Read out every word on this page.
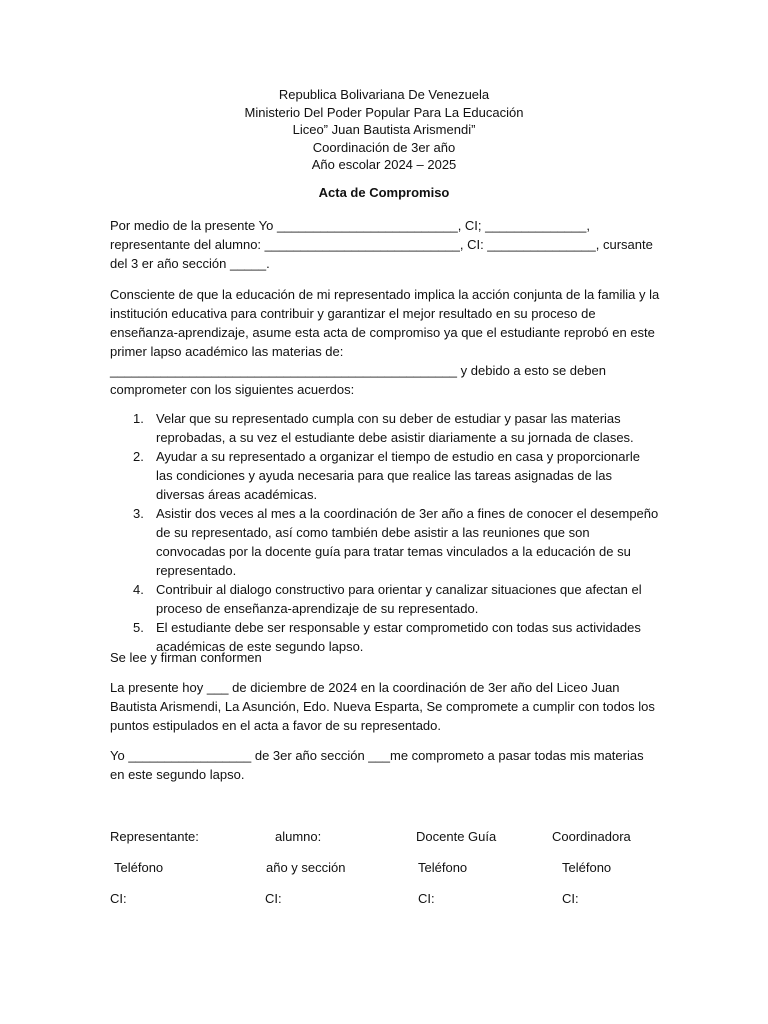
Republica Bolivariana De Venezuela
Ministerio Del Poder Popular Para La Educación
Liceo” Juan Bautista Arismendi”
Coordinación de 3er año
Año escolar 2024 – 2025
Acta de Compromiso
Por medio de la presente Yo _________________________, CI; ______________, representante del alumno: ___________________________, CI: _______________, cursante del 3 er año sección _____.
Consciente de que la educación de mi representado implica la acción conjunta de la familia y la institución educativa para contribuir y garantizar el mejor resultado en su proceso de enseñanza-aprendizaje, asume esta acta de compromiso ya que el estudiante reprobó en este primer lapso académico las materias de: ________________________________________________ y debido a esto se deben comprometer con los siguientes acuerdos:
1. Velar que su representado cumpla con su deber de estudiar y pasar las materias reprobadas, a su vez el estudiante debe asistir diariamente a su jornada de clases.
2. Ayudar a su representado a organizar el tiempo de estudio en casa y proporcionarle las condiciones y ayuda necesaria para que realice las tareas asignadas de las diversas áreas académicas.
3. Asistir dos veces al mes a la coordinación de 3er año a fines de conocer el desempeño de su representado, así como también debe asistir a las reuniones que son convocadas por la docente guía para tratar temas vinculados a la educación de su representado.
4. Contribuir al dialogo constructivo para orientar y canalizar situaciones que afectan el proceso de enseñanza-aprendizaje de su representado.
5. El estudiante debe ser responsable y estar comprometido con todas sus actividades académicas de este segundo lapso.
Se lee y firman conformen
La presente hoy ___ de diciembre de 2024 en la coordinación de 3er año del Liceo Juan Bautista Arismendi, La Asunción, Edo. Nueva Esparta, Se compromete a cumplir con todos los puntos estipulados en el acta a favor de su representado.
Yo _________________ de 3er año sección ___me comprometo a pasar todas mis materias en este segundo lapso.
Representante:	alumno:	Docente Guía	Coordinadora
Teléfono	año y sección	Teléfono	Teléfono
CI:	CI:	CI:	CI:
